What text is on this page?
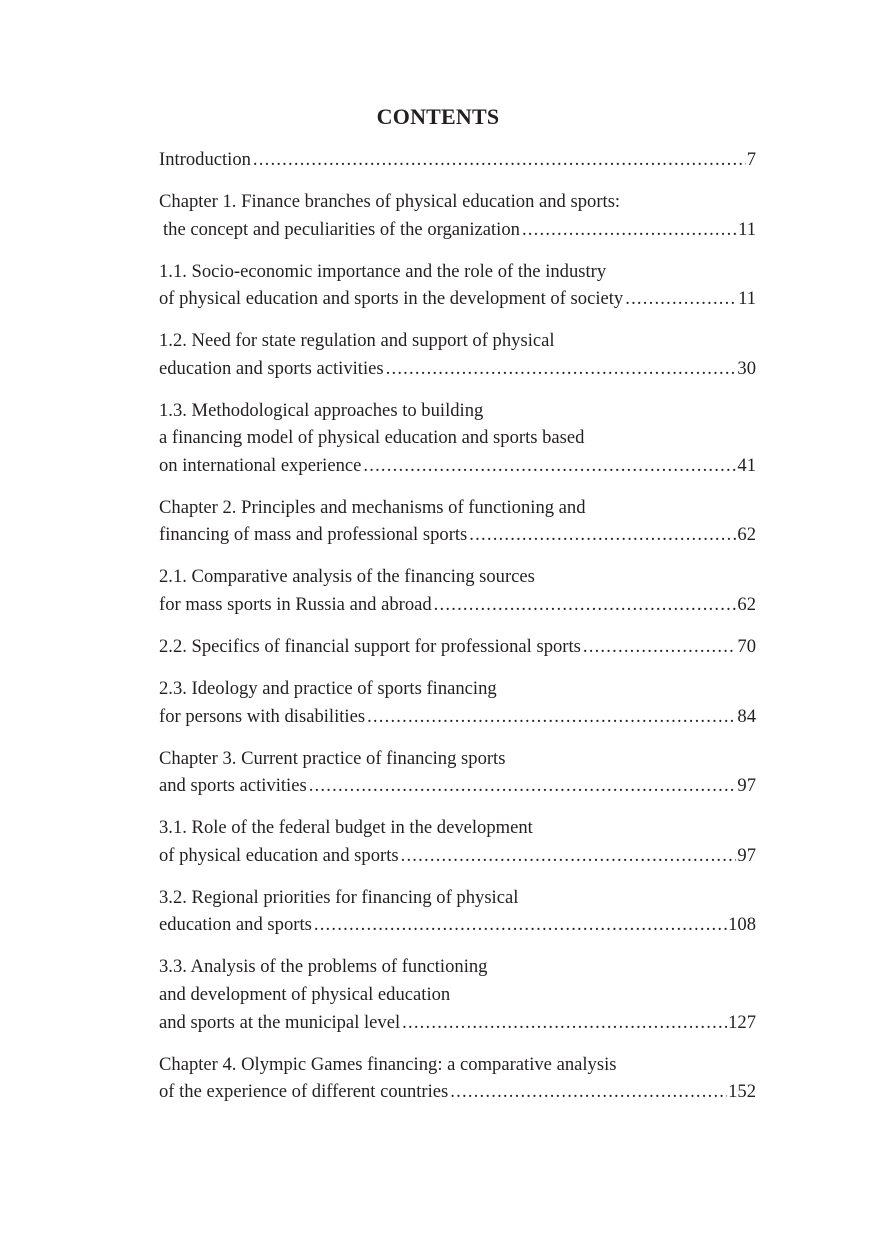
CONTENTS
Introduction .....	7
Chapter 1. Finance branches of physical education and sports:
the concept and peculiarities of the organization .....	11
1.1. Socio-economic importance and the role of the industry
of physical education and sports in the development of society .....	11
1.2. Need for state regulation and support of physical
education and sports activities .....	30
1.3. Methodological approaches to building
a financing model of physical education and sports based
on international experience .....	41
Chapter 2. Principles and mechanisms of functioning and
financing of mass and professional sports .....	62
2.1. Comparative analysis of the financing sources
for mass sports in Russia and abroad .....	62
2.2. Specifics of financial support for professional sports .....	70
2.3. Ideology and practice of sports financing
for persons with disabilities .....	84
Chapter 3. Current practice of financing sports
and sports activities .....	97
3.1. Role of the federal budget in the development
of physical education and sports .....	97
3.2. Regional priorities for financing of physical
education and sports .....	108
3.3. Analysis of the problems of functioning
and development of physical education
and sports at the municipal level .....	127
Chapter 4. Olympic Games financing: a comparative analysis
of the experience of different countries .....	152
